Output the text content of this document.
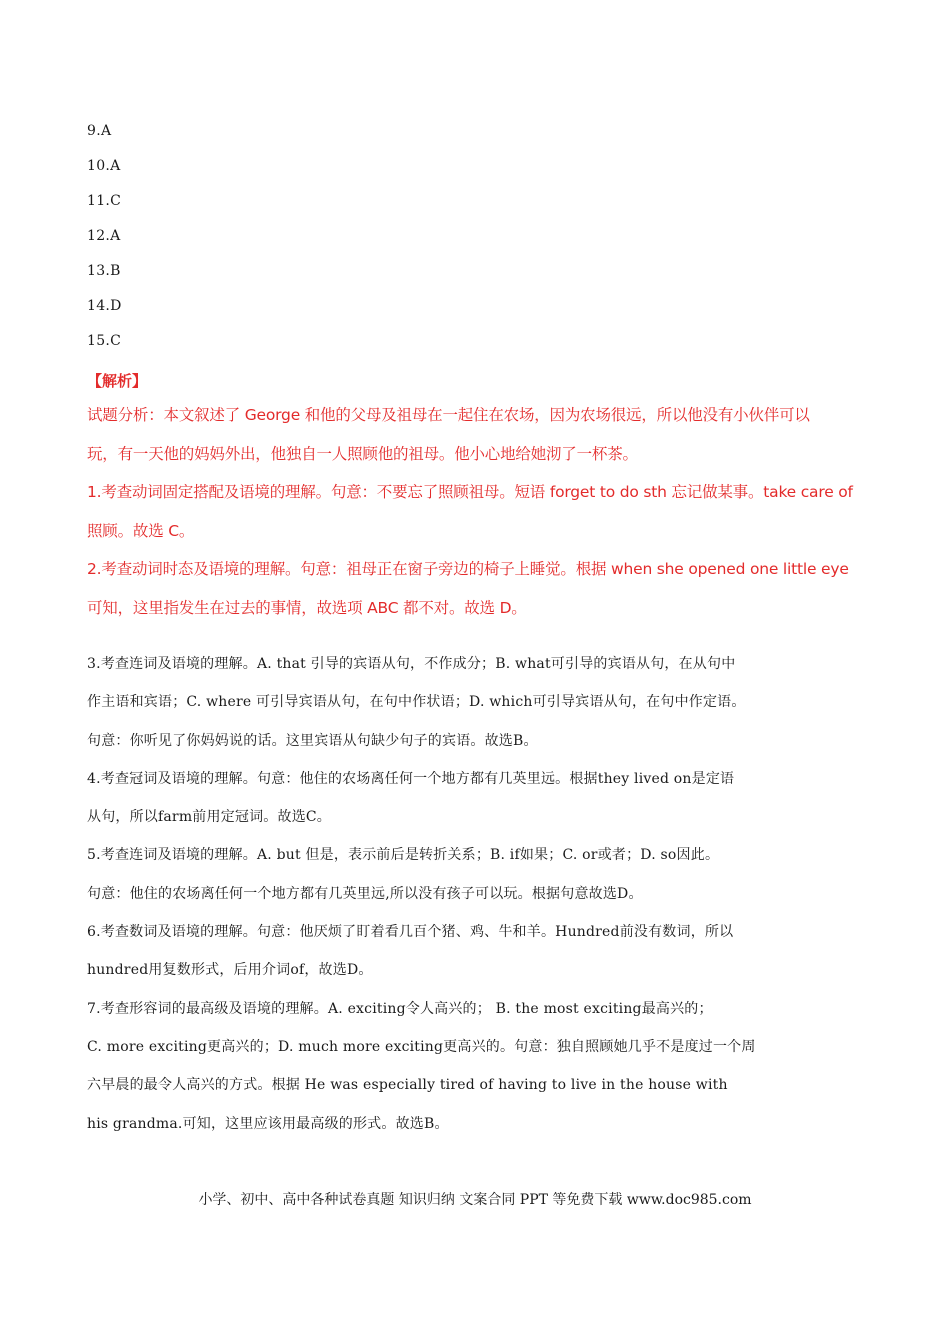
9.A
10.A
11.C
12.A
13.B
14.D
15.C
【解析】
试题分析：本文叙述了 George 和他的父母及祖母在一起住在农场，因为农场很远，所以他没有小伙伴可以
玩，有一天他的妈妈外出，他独自一人照顾他的祖母。他小心地给她沏了一杯茶。
1.考查动词固定搭配及语境的理解。句意：不要忘了照顾祖母。短语 forget to do sth 忘记做某事。take care of
照顾。故选 C。
2.考查动词时态及语境的理解。句意：祖母正在窗子旁边的椅子上睡觉。根据 when she opened one little eye
可知，这里指发生在过去的事情，故选项 ABC 都不对。故选 D。
3.考查连词及语境的理解。A. that 引导的宾语从句，不作成分；B. what可引导的宾语从句，在从句中
作主语和宾语；C. where 可引导宾语从句，在句中作状语；D. which可引导宾语从句，在句中作定语。
句意：你听见了你妈妈说的话。这里宾语从句缺少句子的宾语。故选B。
4.考查冠词及语境的理解。句意：他住的农场离任何一个地方都有几英里远。根据they lived on是定语
从句，所以farm前用定冠词。故选C。
5.考查连词及语境的理解。A. but 但是，表示前后是转折关系；B. if如果；C. or或者；D. so因此。
句意：他住的农场离任何一个地方都有几英里远,所以没有孩子可以玩。根据句意故选D。
6.考查数词及语境的理解。句意：他厌烦了盯着看几百个猪、鸡、牛和羊。Hundred前没有数词，所以
hundred用复数形式，后用介词of，故选D。
7.考查形容词的最高级及语境的理解。A. exciting令人高兴的； B. the most exciting最高兴的；
C. more exciting更高兴的；D. much more exciting更高兴的。句意：独自照顾她几乎不是度过一个周
六早晨的最令人高兴的方式。根据 He was especially tired of having to live in the house with
his grandma.可知，这里应该用最高级的形式。故选B。
小学、初中、高中各种试卷真题 知识归纳 文案合同 PPT 等免费下载 www.doc985.com
